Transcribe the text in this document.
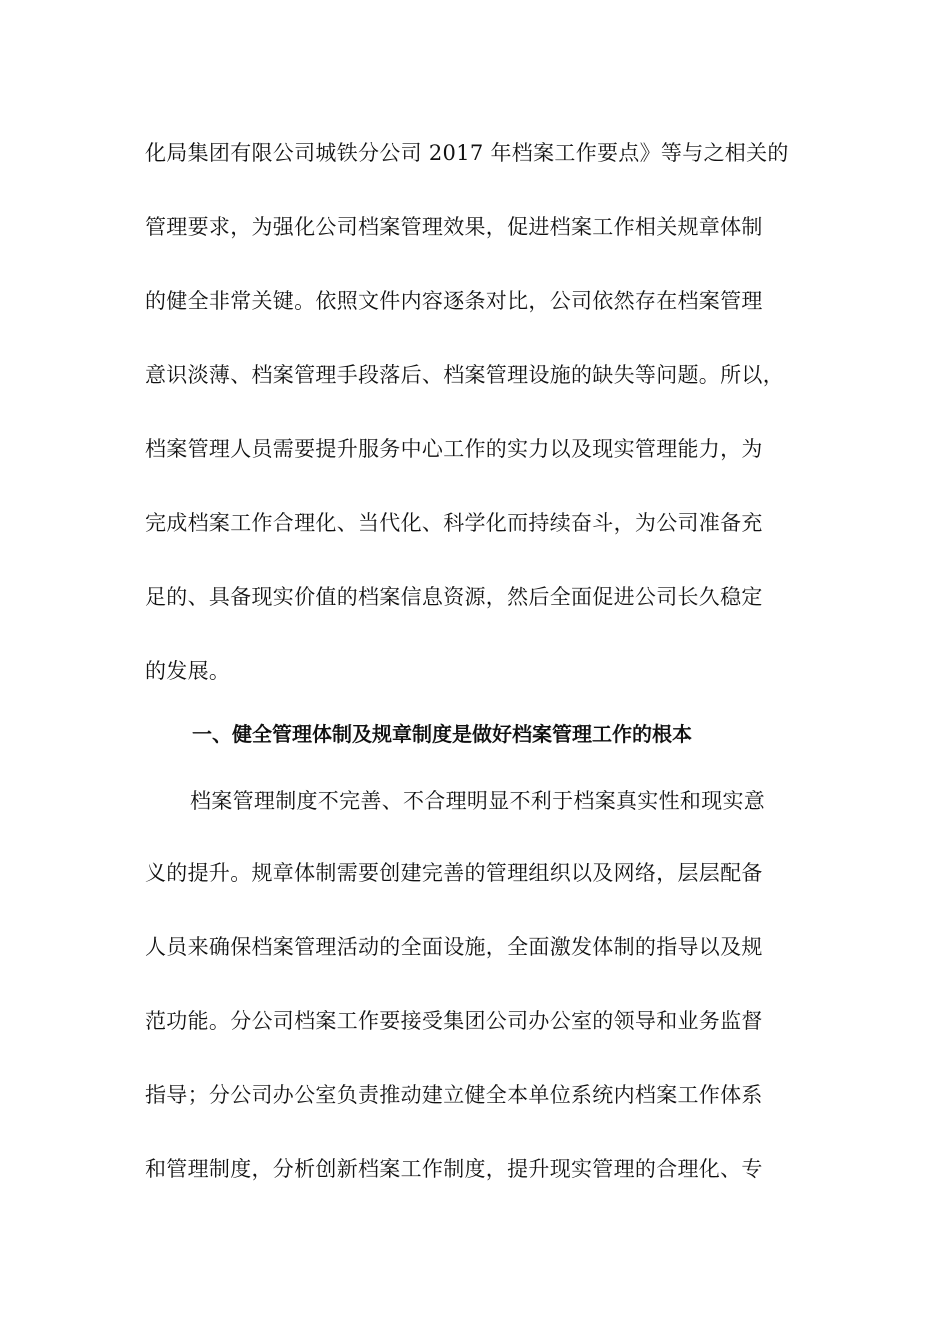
化局集团有限公司城铁分公司 2017 年档案工作要点》等与之相关的
管理要求，为强化公司档案管理效果，促进档案工作相关规章体制
的健全非常关键。依照文件内容逐条对比，公司依然存在档案管理
意识淡薄、档案管理手段落后、档案管理设施的缺失等问题。所以，
档案管理人员需要提升服务中心工作的实力以及现实管理能力，为
完成档案工作合理化、当代化、科学化而持续奋斗，为公司准备充
足的、具备现实价值的档案信息资源，然后全面促进公司长久稳定
的发展。
一、健全管理体制及规章制度是做好档案管理工作的根本
档案管理制度不完善、不合理明显不利于档案真实性和现实意
义的提升。规章体制需要创建完善的管理组织以及网络，层层配备
人员来确保档案管理活动的全面设施，全面激发体制的指导以及规
范功能。分公司档案工作要接受集团公司办公室的领导和业务监督
指导；分公司办公室负责推动建立健全本单位系统内档案工作体系
和管理制度，分析创新档案工作制度，提升现实管理的合理化、专
